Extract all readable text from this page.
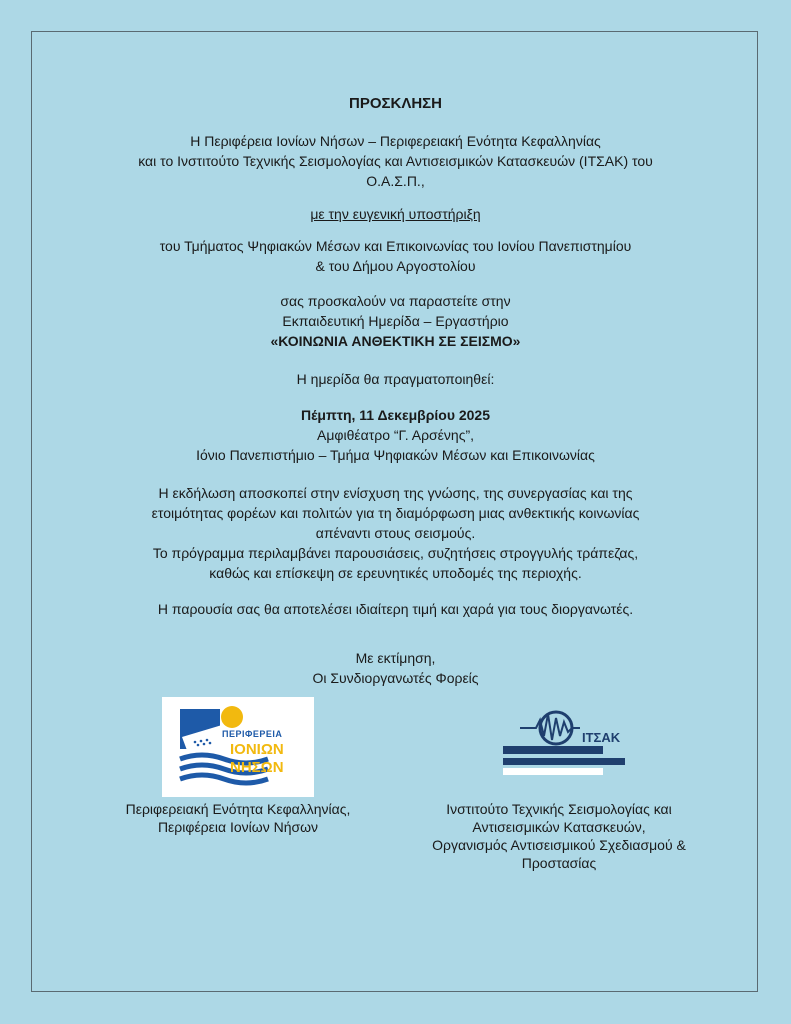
ΠΡΟΣΚΛΗΣΗ
Η Περιφέρεια Ιονίων Νήσων – Περιφερειακή Ενότητα Κεφαλληνίας
και το Ινστιτούτο Τεχνικής Σεισμολογίας και Αντισεισμικών Κατασκευών (ΙΤΣΑΚ) του
Ο.Α.Σ.Π.,
με την ευγενική υποστήριξη
του Τμήματος Ψηφιακών Μέσων και Επικοινωνίας του Ιονίου Πανεπιστημίου
& του Δήμου Αργοστολίου
σας προσκαλούν να παραστείτε στην
Εκπαιδευτική Ημερίδα – Εργαστήριο
«ΚΟΙΝΩΝΙΑ ΑΝΘΕΚΤΙΚΗ ΣΕ ΣΕΙΣΜΟ»
Η ημερίδα θα πραγματοποιηθεί:
Πέμπτη, 11 Δεκεμβρίου 2025
Αμφιθέατρο “Γ. Αρσένης”,
Ιόνιο Πανεπιστήμιο – Τμήμα Ψηφιακών Μέσων και Επικοινωνίας
Η εκδήλωση αποσκοπεί στην ενίσχυση της γνώσης, της συνεργασίας και της
ετοιμότητας φορέων και πολιτών για τη διαμόρφωση μιας ανθεκτικής κοινωνίας
απέναντι στους σεισμούς.
Το πρόγραμμα περιλαμβάνει παρουσιάσεις, συζητήσεις στρογγυλής τράπεζας,
καθώς και επίσκεψη σε ερευνητικές υποδομές της περιοχής.
Η παρουσία σας θα αποτελέσει ιδιαίτερη τιμή και χαρά για τους διοργανωτές.
Με εκτίμηση,
Οι Συνδιοργανωτές Φορείς
ΠΕΡΙΦΕΡΕΙΑ
ΙΟΝΙΩΝ
ΝΗΣΩΝ
ΙΤΣΑΚ
Περιφερειακή Ενότητα Κεφαλληνίας,
Περιφέρεια Ιονίων Νήσων
Ινστιτούτο Τεχνικής Σεισμολογίας και
Αντισεισμικών Κατασκευών,
Οργανισμός Αντισεισμικού Σχεδιασμού &
Προστασίας
